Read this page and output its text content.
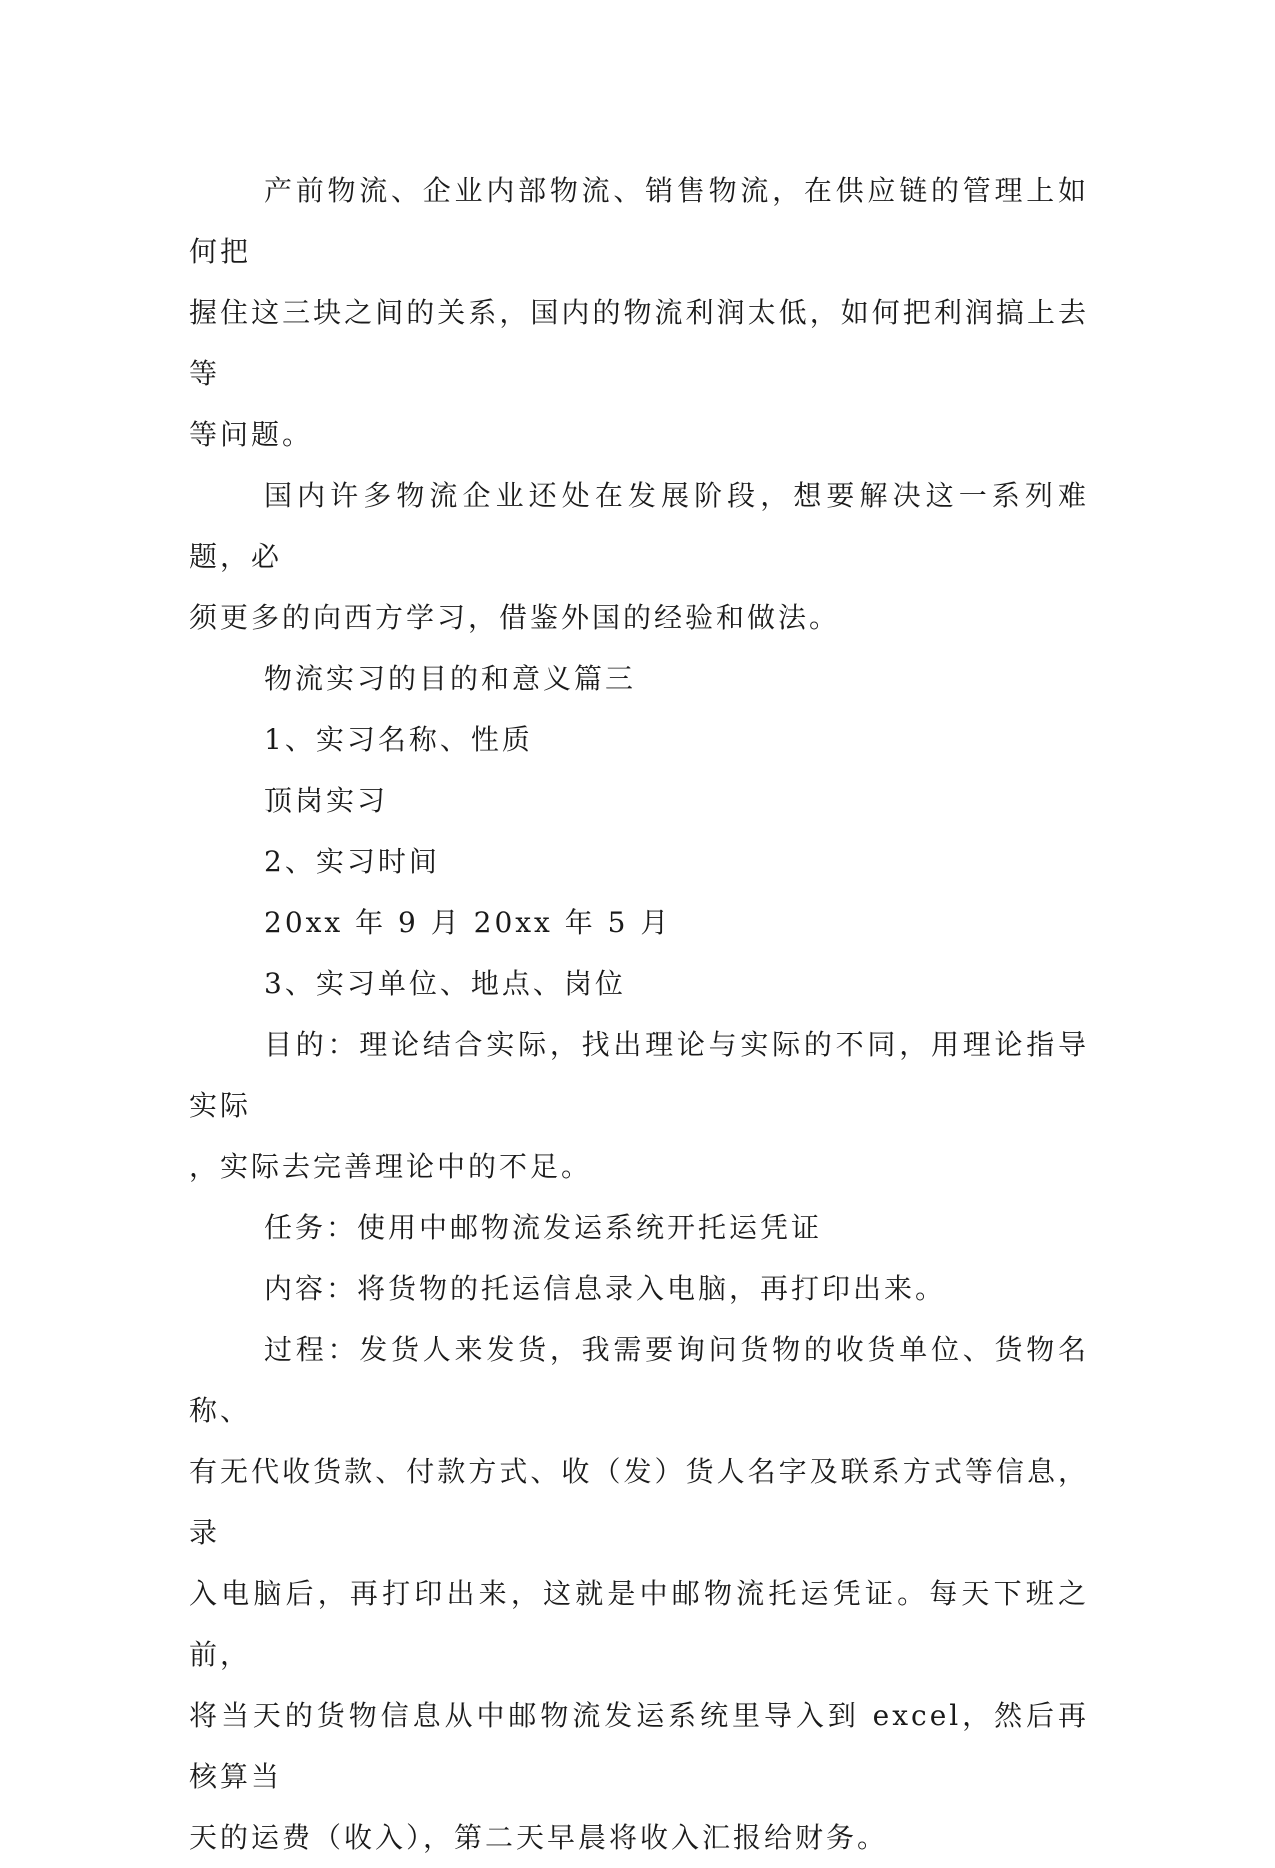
产前物流、企业内部物流、销售物流，在供应链的管理上如何把
握住这三块之间的关系，国内的物流利润太低，如何把利润搞上去等
等问题。

国内许多物流企业还处在发展阶段，想要解决这一系列难题，必
须更多的向西方学习，借鉴外国的经验和做法。

物流实习的目的和意义篇三

1、实习名称、性质

顶岗实习

2、实习时间

20xx 年 9 月 20xx 年 5 月

3、实习单位、地点、岗位

目的：理论结合实际，找出理论与实际的不同，用理论指导实际
，实际去完善理论中的不足。

任务：使用中邮物流发运系统开托运凭证

内容：将货物的托运信息录入电脑，再打印出来。

过程：发货人来发货，我需要询问货物的收货单位、货物名称、
有无代收货款、付款方式、收（发）货人名字及联系方式等信息，录
入电脑后，再打印出来，这就是中邮物流托运凭证。每天下班之前，
将当天的货物信息从中邮物流发运系统里导入到 excel，然后再核算当
天的运费（收入），第二天早晨将收入汇报给财务。
